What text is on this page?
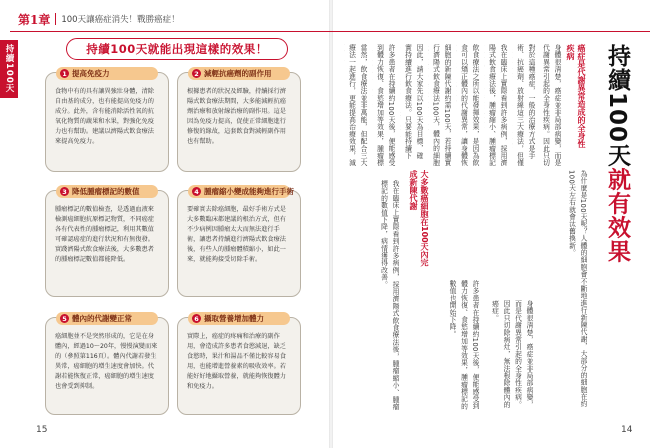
第1章 100天讓癌症消失！戰勝癌症！
持續100天	持續100天就能出現這樣的效果！
1 提高免疫力
食物中有的具有讓異強壯身體，清除自由基的成分，也有能提高免疫力的成分。此外，含有能消除活性氧的抗氧化物質的蔬果和水果，對強化免疫力也有幫助。建議以濟陽式飲食療法來提高免疫力。
2 減輕抗癌劑的副作用
根據患者的狀況及經驗，持續採行濟陽式飲食療法期間，大多能減輕抗癌劑治療和放射線治療的副作用。這是因為免疫力提高，促使正常細胞進行修復的緣故，這套飲食對減輕副作用也有幫助。
3 降低腫瘤標記的數值
腫瘤標記的數值檢查，是透過血液來檢測癌細胞抗原標記物質，不同癌症各有代表性的腫瘤標記，利用其數值可確認癌症的進行狀況和有無復發。實踐濟陽式飲食療法後，大多數患者的腫瘤標記數值都能降低。
4 腫瘤縮小變成能夠進行手術
要確實去除癌細胞，最好手術方式是大多數臨床都建議的根治方式，但有不少病例因腫瘤太大而無法進行手術，讓患者持續進行濟陽式飲食療法後，有些人的腫瘤體積縮小，如此一來，就能夠接受切除手術。
5 體內的代謝變正常
癌細胞並不是突然形成的，它是在身體內，經過10～20年，慢慢演變而來的（參照第116頁）。體內代謝若發生異常，癌細胞的增生速度會加快。代謝若能恢復正常，癌細胞的增生速度也會受到抑制。
6 攝取營養增加體力
實際上，癌症的疼痛和治療的副作用，會造成許多患者食慾減退，缺乏食慾時，果汁和湯品不僅比較容易食用，也能增進營養素的吸收效率。若能好好地攝取營養，就能夠恢復體力和免疫力。
15
持續100天就有效果
癌症是代謝異常造成的全身性疾病
大多數癌細胞在100天內完成新陳代謝
身體很清楚，癌症並非局部病變，而是代謝異常引起的全身性疾病。因此只切
對於這種癌症，一般的治療方式是手術、抗癌劑、放射線這三大療法，但僅
我在臨床上實際看到許多病例，採用濟陽式飲食療法後，腫瘤縮小、腫瘤標記
飲食療法之所以能發揮效果，是因為飲食可以矯正體內的代謝異常，讓身體恢
細胞的新陳代謝約需100天，若持續實行濟陽式飲食療法100天，體內的細胞
因此，請大家先以100天為目標，確實持續進行飲食療法。只要能持續下
許多患者在持續約100天後，便能感受到體力恢復、食慾增加等效果，腫瘤標
當然，飲食療法並非萬能，但配合三大療法一起進行，更能提高治療效果，減
為什麼是100天呢？人體的細胞會不斷地進行新陳代謝，大部分的細胞在約100天左右就會汰舊換新。
身體很清楚，癌症並非局部病變，而是代謝異常引起的全身性疾病。因此只切除病灶，無法根除體內的癌症。
許多患者在持續約100天後，便能感受到體力恢復、食慾增加等效果，腫瘤標記的數值也開始下降。
我在臨床上實際看到許多病例，採用濟陽式飲食療法後，腫瘤縮小、腫瘤標記的數值下降，病情獲得改善。
14
